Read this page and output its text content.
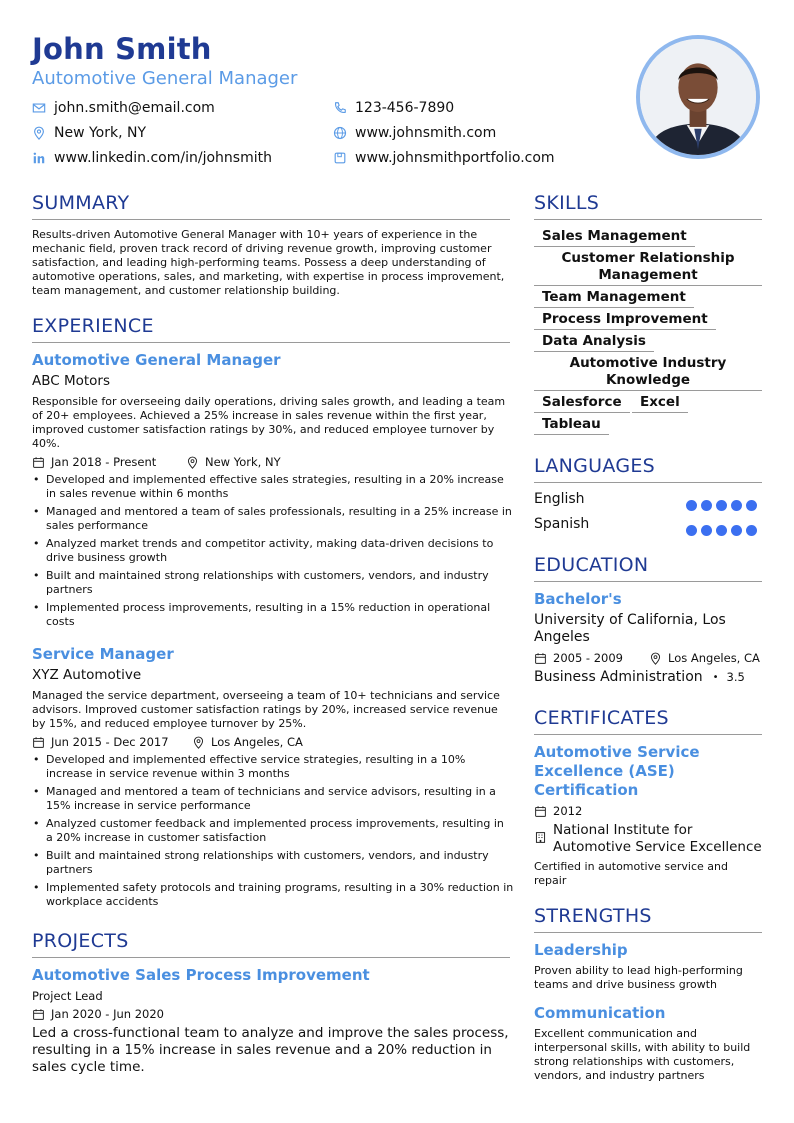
John Smith
Automotive General Manager
john.smith@email.com	123-456-7890
New York, NY	www.johnsmith.com
www.linkedin.com/in/johnsmith	www.johnsmithportfolio.com
SUMMARY
Results-driven Automotive General Manager with 10+ years of experience in the mechanic field, proven track record of driving revenue growth, improving customer satisfaction, and leading high-performing teams. Possess a deep understanding of automotive operations, sales, and marketing, with expertise in process improvement, team management, and customer relationship building.
EXPERIENCE
Automotive General Manager
ABC Motors
Responsible for overseeing daily operations, driving sales growth, and leading a team of 20+ employees. Achieved a 25% increase in sales revenue within the first year, improved customer satisfaction ratings by 30%, and reduced employee turnover by 40%.
Jan 2018 - Present	New York, NY
• Developed and implemented effective sales strategies, resulting in a 20% increase in sales revenue within 6 months
• Managed and mentored a team of sales professionals, resulting in a 25% increase in sales performance
• Analyzed market trends and competitor activity, making data-driven decisions to drive business growth
• Built and maintained strong relationships with customers, vendors, and industry partners
• Implemented process improvements, resulting in a 15% reduction in operational costs
Service Manager
XYZ Automotive
Managed the service department, overseeing a team of 10+ technicians and service advisors. Improved customer satisfaction ratings by 20%, increased service revenue by 15%, and reduced employee turnover by 25%.
Jun 2015 - Dec 2017	Los Angeles, CA
• Developed and implemented effective service strategies, resulting in a 10% increase in service revenue within 3 months
• Managed and mentored a team of technicians and service advisors, resulting in a 15% increase in service performance
• Analyzed customer feedback and implemented process improvements, resulting in a 20% increase in customer satisfaction
• Built and maintained strong relationships with customers, vendors, and industry partners
• Implemented safety protocols and training programs, resulting in a 30% reduction in workplace accidents
PROJECTS
Automotive Sales Process Improvement
Project Lead
Jan 2020 - Jun 2020
Led a cross-functional team to analyze and improve the sales process, resulting in a 15% increase in sales revenue and a 20% reduction in sales cycle time.
SKILLS
Sales Management
Customer Relationship Management
Team Management
Process Improvement
Data Analysis
Automotive Industry Knowledge
Salesforce	Excel
Tableau
LANGUAGES
English
Spanish
EDUCATION
Bachelor's
University of California, Los Angeles
2005 - 2009	Los Angeles, CA
Business Administration • 3.5
CERTIFICATES
Automotive Service Excellence (ASE) Certification
2012
National Institute for Automotive Service Excellence
Certified in automotive service and repair
STRENGTHS
Leadership
Proven ability to lead high-performing teams and drive business growth
Communication
Excellent communication and interpersonal skills, with ability to build strong relationships with customers, vendors, and industry partners
